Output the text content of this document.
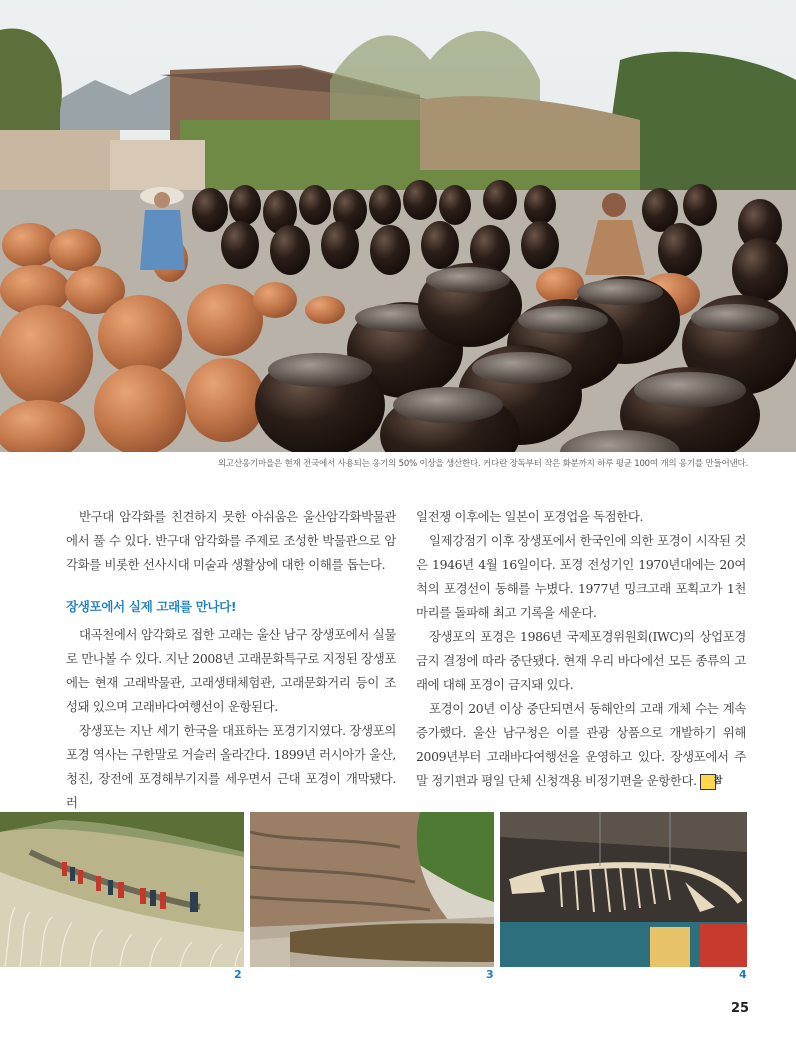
외고산옹기마을은 현재 전국에서 사용되는 옹기의 50% 이상을 생산한다. 커다란 장독부터 작은 화분까지 하루 평균 100여 개의 옹기를 만들어낸다.

반구대 암각화를 친견하지 못한 아쉬움은 울산암각화박물관에서 풀 수 있다. 반구대 암각화를 주제로 조성한 박물관으로 암각화를 비롯한 선사시대 미술과 생활상에 대한 이해를 돕는다.

장생포에서 실제 고래를 만나다!

대곡천에서 암각화로 접한 고래는 울산 남구 장생포에서 실물로 만나볼 수 있다. 지난 2008년 고래문화특구로 지정된 장생포에는 현재 고래박물관, 고래생태체험관, 고래문화거리 등이 조성돼 있으며 고래바다여행선이 운항된다.

장생포는 지난 세기 한국을 대표하는 포경기지였다. 장생포의 포경 역사는 구한말로 거슬러 올라간다. 1899년 러시아가 울산, 청진, 장전에 포경해부기지를 세우면서 근대 포경이 개막됐다. 러

일전쟁 이후에는 일본이 포경업을 독점한다.

일제강점기 이후 장생포에서 한국인에 의한 포경이 시작된 것은 1946년 4월 16일이다. 포경 전성기인 1970년대에는 20여 척의 포경선이 동해를 누볐다. 1977년 밍크고래 포획고가 1천 마리를 돌파해 최고 기록을 세운다.

장생포의 포경은 1986년 국제포경위원회(IWC)의 상업포경 금지 결정에 따라 중단됐다. 현재 우리 바다에선 모든 종류의 고래에 대해 포경이 금지돼 있다.

포경이 20년 이상 중단되면서 동해안의 고래 개체 수는 계속 증가했다. 울산 남구청은 이를 관광 상품으로 개발하기 위해 2009년부터 고래바다여행선을 운영하고 있다. 장생포에서 주말 정기편과 평일 단체 신청객용 비정기편을 운항한다. 참

2	3	4
25
